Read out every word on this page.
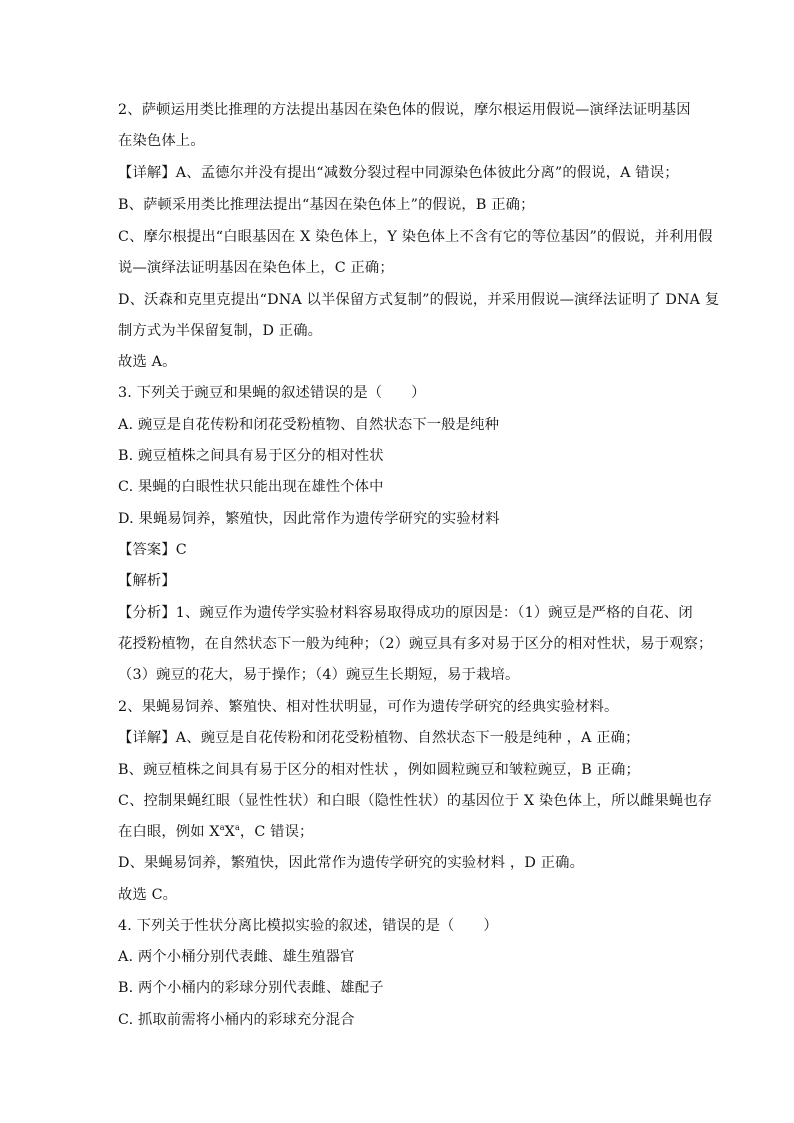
2、萨顿运用类比推理的方法提出基因在染色体的假说，摩尔根运用假说—演绎法证明基因
在染色体上。
【详解】A、孟德尔并没有提出“减数分裂过程中同源染色体彼此分离”的假说，A 错误；
B、萨顿采用类比推理法提出“基因在染色体上”的假说，B 正确；
C、摩尔根提出“白眼基因在 X 染色体上，Y 染色体上不含有它的等位基因”的假说，并利用假
说—演绎法证明基因在染色体上，C 正确；
D、沃森和克里克提出“DNA 以半保留方式复制”的假说，并采用假说—演绎法证明了 DNA 复
制方式为半保留复制，D 正确。
故选 A。
3. 下列关于豌豆和果蝇的叙述错误的是（　　）
A. 豌豆是自花传粉和闭花受粉植物、自然状态下一般是纯种
B. 豌豆植株之间具有易于区分的相对性状
C. 果蝇的白眼性状只能出现在雄性个体中
D. 果蝇易饲养，繁殖快，因此常作为遗传学研究的实验材料
【答案】C
【解析】
【分析】1、豌豆作为遗传学实验材料容易取得成功的原因是：（1）豌豆是严格的自花、闭
花授粉植物，在自然状态下一般为纯种；（2）豌豆具有多对易于区分的相对性状，易于观察；
（3）豌豆的花大，易于操作；（4）豌豆生长期短，易于栽培。
2、果蝇易饲养、繁殖快、相对性状明显，可作为遗传学研究的经典实验材料。
【详解】A、豌豆是自花传粉和闭花受粉植物、自然状态下一般是纯种 ，A 正确；
B、豌豆植株之间具有易于区分的相对性状 ，例如圆粒豌豆和皱粒豌豆，B 正确；
C、控制果蝇红眼（显性性状）和白眼（隐性性状）的基因位于 X 染色体上，所以雌果蝇也存
在白眼，例如 $X^aX^a$，C 错误；
D、果蝇易饲养，繁殖快，因此常作为遗传学研究的实验材料 ，D 正确。
故选 C。
4. 下列关于性状分离比模拟实验的叙述，错误的是（　　）
A. 两个小桶分别代表雌、雄生殖器官
B. 两个小桶内的彩球分别代表雌、雄配子
C. 抓取前需将小桶内的彩球充分混合
